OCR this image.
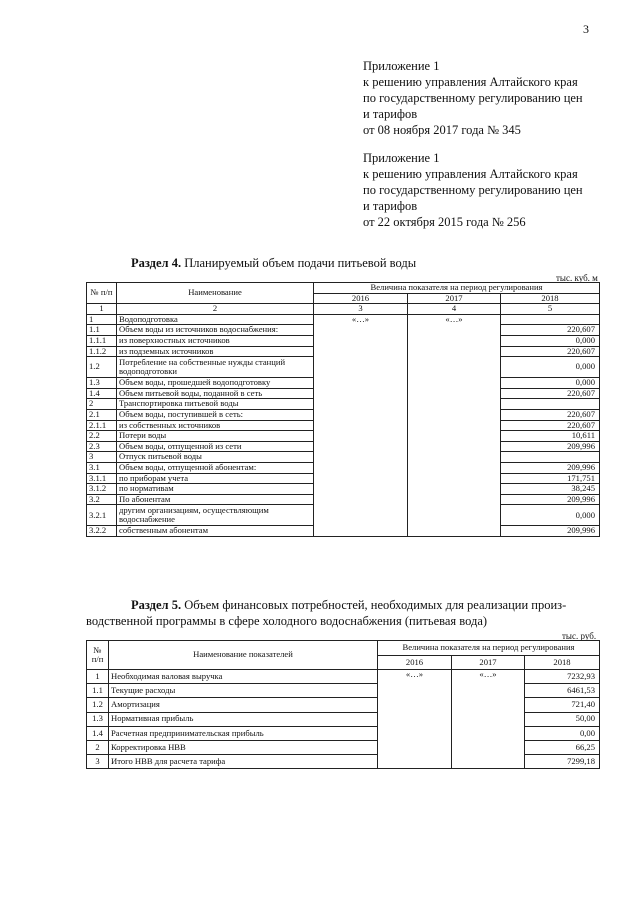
3
Приложение 1
к решению управления Алтайского края
по государственному регулированию цен
и тарифов
от 08 ноября 2017 года № 345
Приложение 1
к решению управления Алтайского края
по государственному регулированию цен
и тарифов
от 22 октября 2015 года № 256
Раздел 4. Планируемый объем подачи питьевой воды
тыс. куб. м
№ п/п	Наименование	Величина показателя на период регулирования		
		2016	2017	2018
1	2	3	4	5
1	Водоподготовка	«…»	«…»	
1.1	Объем воды из источников водоснабжения:			220,607
1.1.1	из поверхностных источников			0,000
1.1.2	из подземных источников			220,607
1.2	Потребление на собственные нужды станций водоподготовки			0,000
1.3	Объем воды, прошедшей водоподготовку			0,000
1.4	Объем питьевой воды, поданной в сеть			220,607
2	Транспортировка питьевой воды			
2.1	Объем воды, поступившей в сеть:			220,607
2.1.1	из собственных источников			220,607
2.2	Потери воды			10,611
2.3	Объем воды, отпущенной из сети			209,996
3	Отпуск питьевой воды			
3.1	Объем воды, отпущенной абонентам:			209,996
3.1.1	по приборам учета			171,751
3.1.2	по нормативам			38,245
3.2	По абонентам			209,996
3.2.1	другим организациям, осуществляющим водоснабжение			0,000
3.2.2	собственным абонентам			209,996
Раздел 5. Объем финансовых потребностей, необходимых для реализации произ-
водственной программы в сфере холодного водоснабжения (питьевая вода)
тыс. руб.
№ п/п	Наименование показателей	Величина показателя на период регулирования		
		2016	2017	2018
1	Необходимая валовая выручка	«…»	«…»	7232,93
1.1	Текущие расходы			6461,53
1.2	Амортизация			721,40
1.3	Нормативная прибыль			50,00
1.4	Расчетная предпринимательская прибыль			0,00
2	Корректировка НВВ			66,25
3	Итого НВВ для расчета тарифа			7299,18
